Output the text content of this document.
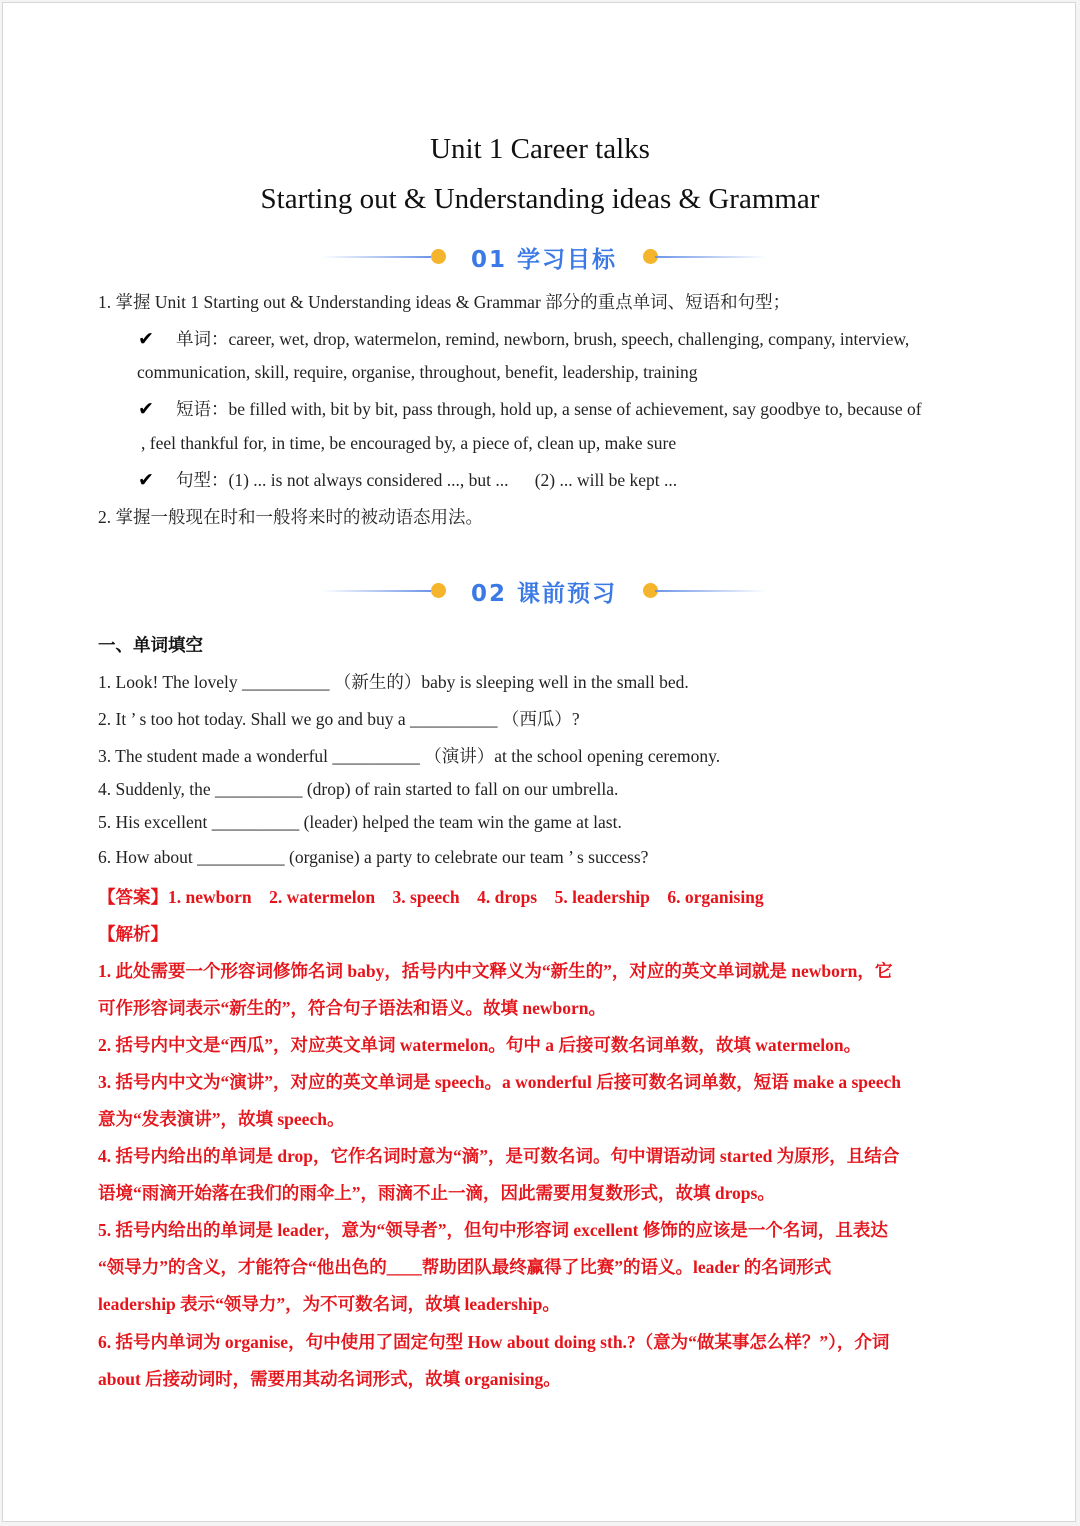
Unit 1 Career talks
Starting out & Understanding ideas & Grammar
01 学习目标
1. 掌握 Unit 1 Starting out & Understanding ideas & Grammar 部分的重点单词、短语和句型；
✔ 单词：career, wet, drop, watermelon, remind, newborn, brush, speech, challenging, company, interview,
communication, skill, require, organise, throughout, benefit, leadership, training
✔ 短语：be filled with, bit by bit, pass through, hold up, a sense of achievement, say goodbye to, because of
, feel thankful for, in time, be encouraged by, a piece of, clean up, make sure
✔ 句型：(1) ... is not always considered ..., but ...      (2) ... will be kept ...
2. 掌握一般现在时和一般将来时的被动语态用法。
02 课前预习
一、单词填空
1. Look! The lovely __________ （新生的）baby is sleeping well in the small bed.
2. It ’ s too hot today. Shall we go and buy a __________ （西瓜）?
3. The student made a wonderful __________ （演讲）at the school opening ceremony.
4. Suddenly, the __________ (drop) of rain started to fall on our umbrella.
5. His excellent __________ (leader) helped the team win the game at last.
6. How about __________ (organise) a party to celebrate our team ’ s success?
【答案】1. newborn    2. watermelon    3. speech    4. drops    5. leadership    6. organising
【解析】
1. 此处需要一个形容词修饰名词 baby，括号内中文释义为“新生的”，对应的英文单词就是 newborn，它
可作形容词表示“新生的”，符合句子语法和语义。故填 newborn。
2. 括号内中文是“西瓜”，对应英文单词 watermelon。句中 a 后接可数名词单数，故填 watermelon。
3. 括号内中文为“演讲”，对应的英文单词是 speech。a wonderful 后接可数名词单数，短语 make a speech
意为“发表演讲”，故填 speech。
4. 括号内给出的单词是 drop，它作名词时意为“滴”，是可数名词。句中谓语动词 started 为原形，且结合
语境“雨滴开始落在我们的雨伞上”，雨滴不止一滴，因此需要用复数形式，故填 drops。
5. 括号内给出的单词是 leader，意为“领导者”，但句中形容词 excellent 修饰的应该是一个名词，且表达
“领导力”的含义，才能符合“他出色的____帮助团队最终赢得了比赛”的语义。leader 的名词形式
leadership 表示“领导力”，为不可数名词，故填 leadership。
6. 括号内单词为 organise，句中使用了固定句型 How about doing sth.?（意为“做某事怎么样？”），介词
about 后接动词时，需要用其动名词形式，故填 organising。
